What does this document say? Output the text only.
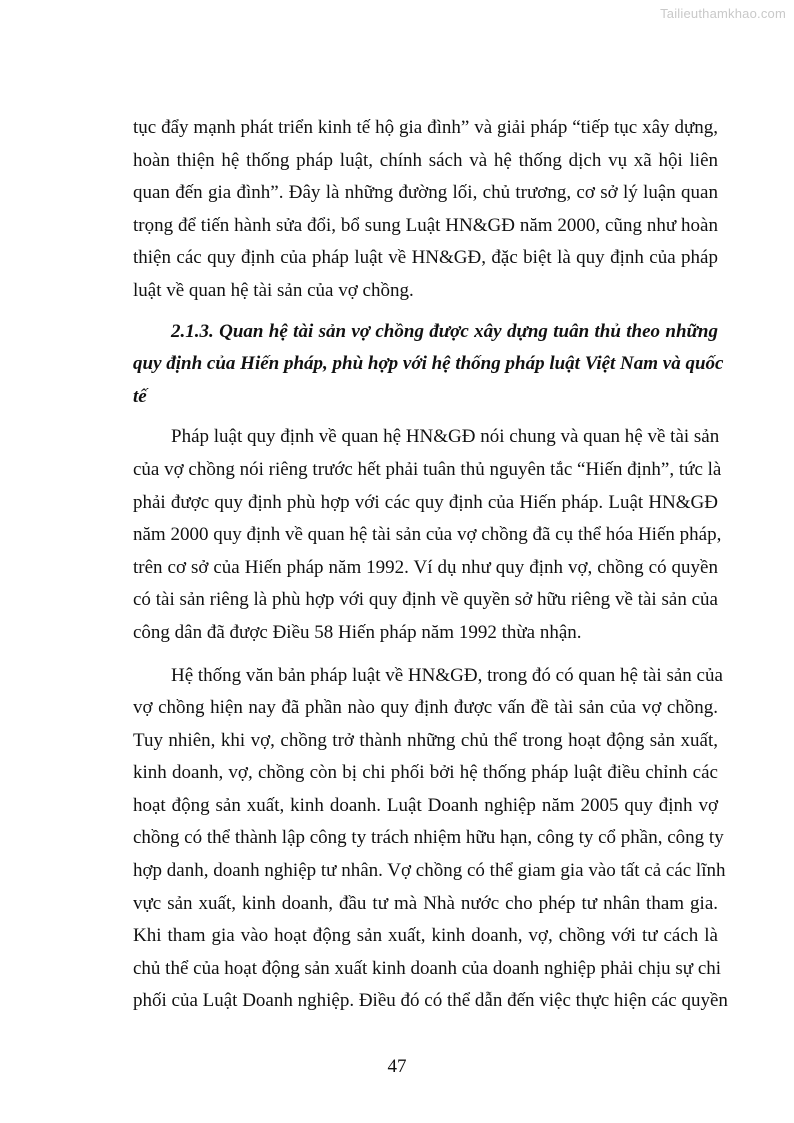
Tailieuthamkhao.com
tục đẩy mạnh phát triển kinh tế hộ gia đình” và giải pháp “tiếp tục xây dựng,
hoàn thiện hệ thống pháp luật, chính sách và hệ thống dịch vụ xã hội liên
quan đến gia đình”. Đây là những đường lối, chủ trương, cơ sở lý luận quan
trọng để tiến hành sửa đổi, bổ sung Luật HN&GĐ năm 2000, cũng như hoàn
thiện các quy định của pháp luật về HN&GĐ, đặc biệt là quy định của pháp
luật về quan hệ tài sản của vợ chồng.
2.1.3. Quan hệ tài sản vợ chồng được xây dựng tuân thủ theo những
quy định của Hiến pháp, phù hợp với hệ thống pháp luật Việt Nam và quốc
tế
Pháp luật quy định về quan hệ HN&GĐ nói chung và quan hệ về tài sản
của vợ chồng nói riêng trước hết phải tuân thủ nguyên tắc “Hiến định”, tức là
phải được quy định phù hợp với các quy định của Hiến pháp. Luật HN&GĐ
năm 2000 quy định về quan hệ tài sản của vợ chồng đã cụ thể hóa Hiến pháp,
trên cơ sở của Hiến pháp năm 1992. Ví dụ như quy định vợ, chồng có quyền
có tài sản riêng là phù hợp với quy định về quyền sở hữu riêng về tài sản của
công dân đã được Điều 58 Hiến pháp năm 1992 thừa nhận.
Hệ thống văn bản pháp luật về HN&GĐ, trong đó có quan hệ tài sản của
vợ chồng hiện nay đã phần nào quy định được vấn đề tài sản của vợ chồng.
Tuy nhiên, khi vợ, chồng trở thành những chủ thể trong hoạt động sản xuất,
kinh doanh, vợ, chồng còn bị chi phối bởi hệ thống pháp luật điều chỉnh các
hoạt động sản xuất, kinh doanh. Luật Doanh nghiệp năm 2005 quy định vợ
chồng có thể thành lập công ty trách nhiệm hữu hạn, công ty cổ phần, công ty
hợp danh, doanh nghiệp tư nhân. Vợ chồng có thể giam gia vào tất cả các lĩnh
vực sản xuất, kinh doanh, đầu tư mà Nhà nước cho phép tư nhân tham gia.
Khi tham gia vào hoạt động sản xuất, kinh doanh, vợ, chồng với tư cách là
chủ thể của hoạt động sản xuất kinh doanh của doanh nghiệp phải chịu sự chi
phối của Luật Doanh nghiệp. Điều đó có thể dẫn đến việc thực hiện các quyền
47
